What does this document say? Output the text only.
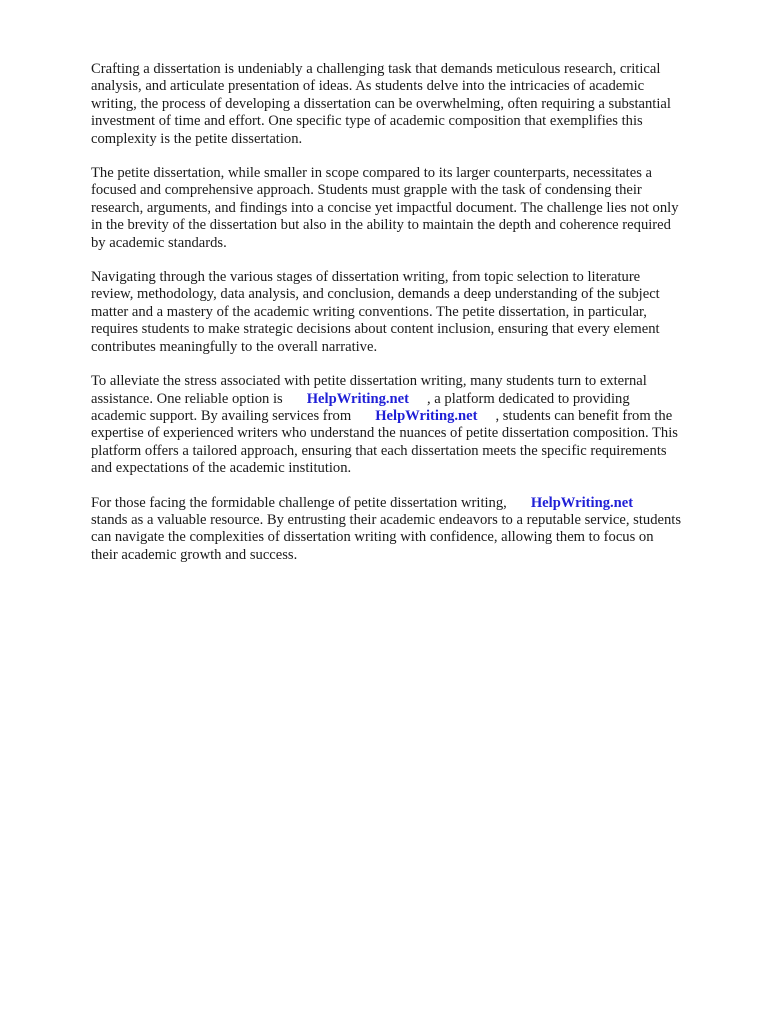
Crafting a dissertation is undeniably a challenging task that demands meticulous research, critical
analysis, and articulate presentation of ideas. As students delve into the intricacies of academic
writing, the process of developing a dissertation can be overwhelming, often requiring a substantial
investment of time and effort. One specific type of academic composition that exemplifies this
complexity is the petite dissertation.

The petite dissertation, while smaller in scope compared to its larger counterparts, necessitates a
focused and comprehensive approach. Students must grapple with the task of condensing their
research, arguments, and findings into a concise yet impactful document. The challenge lies not only
in the brevity of the dissertation but also in the ability to maintain the depth and coherence required
by academic standards.

Navigating through the various stages of dissertation writing, from topic selection to literature
review, methodology, data analysis, and conclusion, demands a deep understanding of the subject
matter and a mastery of the academic writing conventions. The petite dissertation, in particular,
requires students to make strategic decisions about content inclusion, ensuring that every element
contributes meaningfully to the overall narrative.

To alleviate the stress associated with petite dissertation writing, many students turn to external
assistance. One reliable option is HelpWriting.net , a platform dedicated to providing
academic support. By availing services from HelpWriting.net , students can benefit from the
expertise of experienced writers who understand the nuances of petite dissertation composition. This
platform offers a tailored approach, ensuring that each dissertation meets the specific requirements
and expectations of the academic institution.

For those facing the formidable challenge of petite dissertation writing, HelpWriting.net
stands as a valuable resource. By entrusting their academic endeavors to a reputable service, students
can navigate the complexities of dissertation writing with confidence, allowing them to focus on
their academic growth and success.
